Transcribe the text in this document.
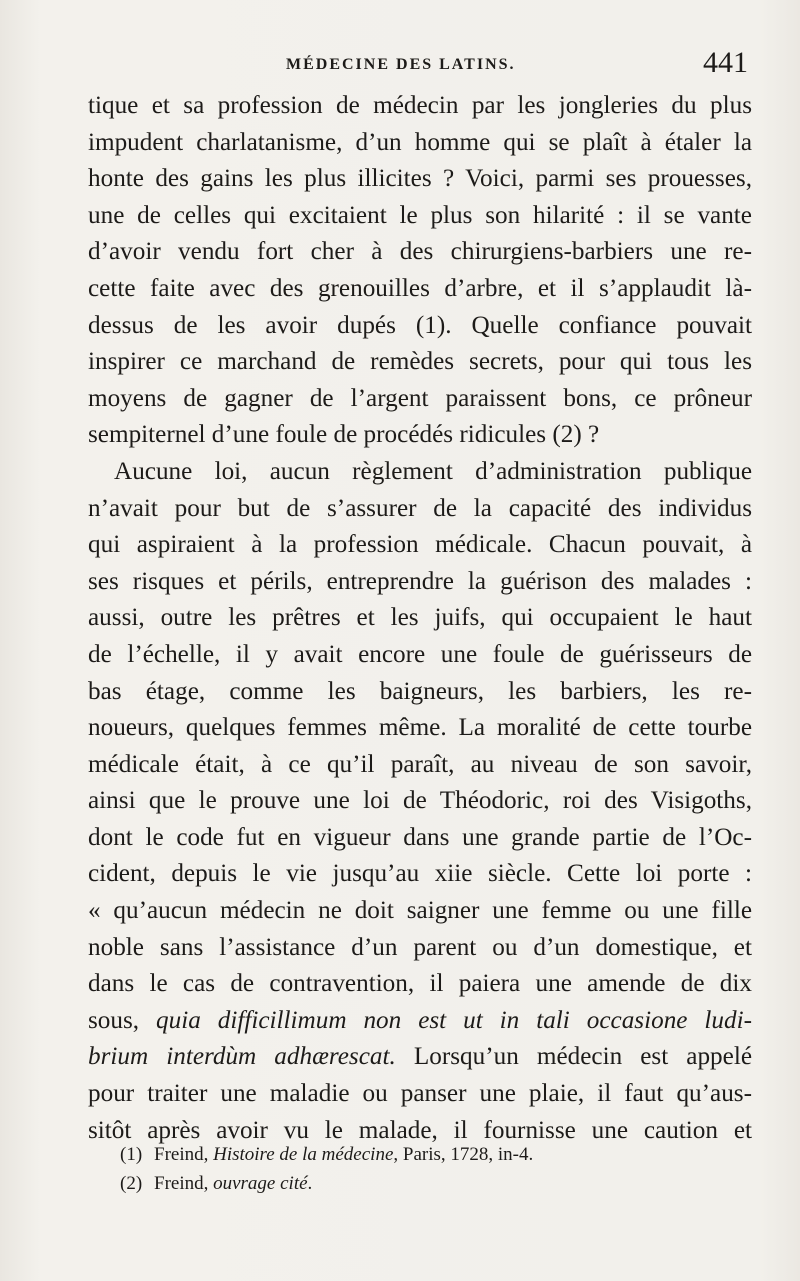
MÉDECINE DES LATINS.	441
tique et sa profession de médecin par les jongleries du plus
impudent charlatanisme, d’un homme qui se plaît à étaler la
honte des gains les plus illicites ? Voici, parmi ses prouesses,
une de celles qui excitaient le plus son hilarité : il se vante
d’avoir vendu fort cher à des chirurgiens-barbiers une re-
cette faite avec des grenouilles d’arbre, et il s’applaudit là-
dessus de les avoir dupés (1). Quelle confiance pouvait
inspirer ce marchand de remèdes secrets, pour qui tous les
moyens de gagner de l’argent paraissent bons, ce prôneur
sempiternel d’une foule de procédés ridicules (2) ?
Aucune loi, aucun règlement d’administration publique
n’avait pour but de s’assurer de la capacité des individus
qui aspiraient à la profession médicale. Chacun pouvait, à
ses risques et périls, entreprendre la guérison des malades :
aussi, outre les prêtres et les juifs, qui occupaient le haut
de l’échelle, il y avait encore une foule de guérisseurs de
bas étage, comme les baigneurs, les barbiers, les re-
noueurs, quelques femmes même. La moralité de cette tourbe
médicale était, à ce qu’il paraît, au niveau de son savoir,
ainsi que le prouve une loi de Théodoric, roi des Visigoths,
dont le code fut en vigueur dans une grande partie de l’Oc-
cident, depuis le vie jusqu’au xiie siècle. Cette loi porte :
« qu’aucun médecin ne doit saigner une femme ou une fille
noble sans l’assistance d’un parent ou d’un domestique, et
dans le cas de contravention, il paiera une amende de dix
sous, quia difficillimum non est ut in tali occasione ludi-
brium interdùm adhærescat. Lorsqu’un médecin est appelé
pour traiter une maladie ou panser une plaie, il faut qu’aus-
sitôt après avoir vu le malade, il fournisse une caution et
(1) Freind, Histoire de la médecine, Paris, 1728, in-4.
(2) Freind, ouvrage cité.
